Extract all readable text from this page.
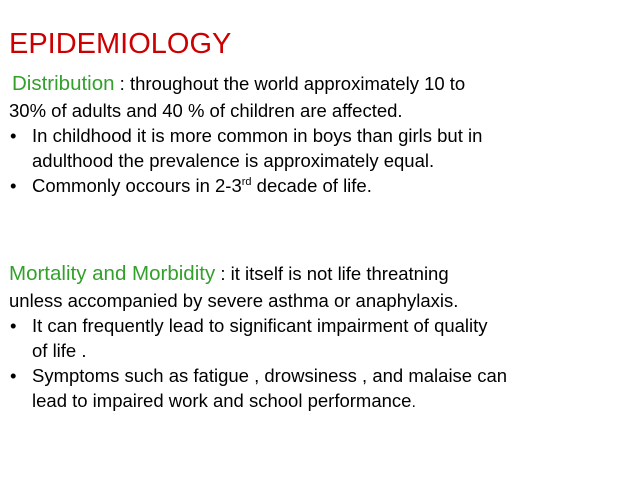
EPIDEMIOLOGY
Distribution : throughout the world approximately 10 to
30% of adults and 40 % of children are affected.
• In childhood it is more common in boys than girls but in
adulthood the prevalence is approximately equal.
• Commonly occours in 2-3rd decade of life.
Mortality and Morbidity : it itself is not life threatning
unless accompanied by severe asthma or anaphylaxis.
• It can frequently lead to significant impairment of quality
of life .
• Symptoms such as fatigue , drowsiness , and malaise can
lead to impaired work and school performance.
